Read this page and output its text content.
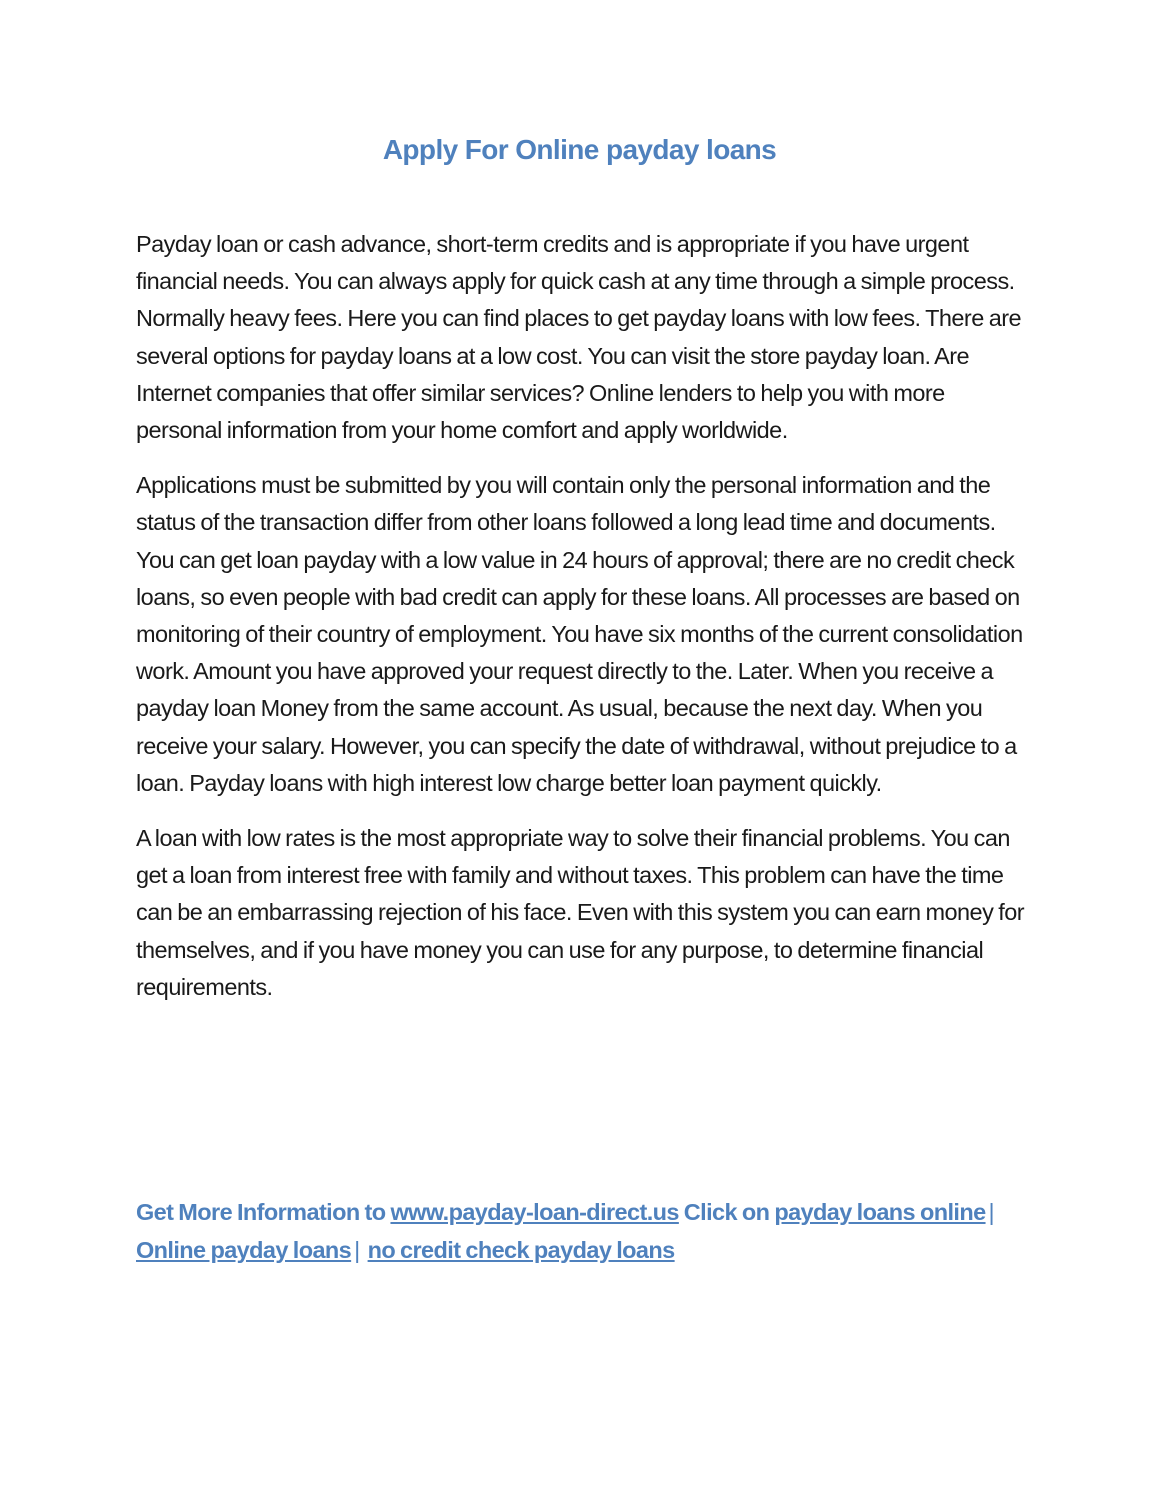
Apply For Online payday loans

Payday loan or cash advance, short-term credits and is appropriate if you have urgent financial needs. You can always apply for quick cash at any time through a simple process. Normally heavy fees. Here you can find places to get payday loans with low fees. There are several options for payday loans at a low cost. You can visit the store payday loan. Are Internet companies that offer similar services? Online lenders to help you with more personal information from your home comfort and apply worldwide.

Applications must be submitted by you will contain only the personal information and the status of the transaction differ from other loans followed a long lead time and documents. You can get loan payday with a low value in 24 hours of approval; there are no credit check loans, so even people with bad credit can apply for these loans. All processes are based on monitoring of their country of employment. You have six months of the current consolidation work. Amount you have approved your request directly to the. Later. When you receive a payday loan Money from the same account. As usual, because the next day. When you receive your salary. However, you can specify the date of withdrawal, without prejudice to a loan. Payday loans with high interest low charge better loan payment quickly.

A loan with low rates is the most appropriate way to solve their financial problems. You can get a loan from interest free with family and without taxes. This problem can have the time can be an embarrassing rejection of his face. Even with this system you can earn money for themselves, and if you have money you can use for any purpose, to determine financial requirements.

Get More Information to www.payday-loan-direct.us Click on payday loans online | Online payday loans | no credit check payday loans
